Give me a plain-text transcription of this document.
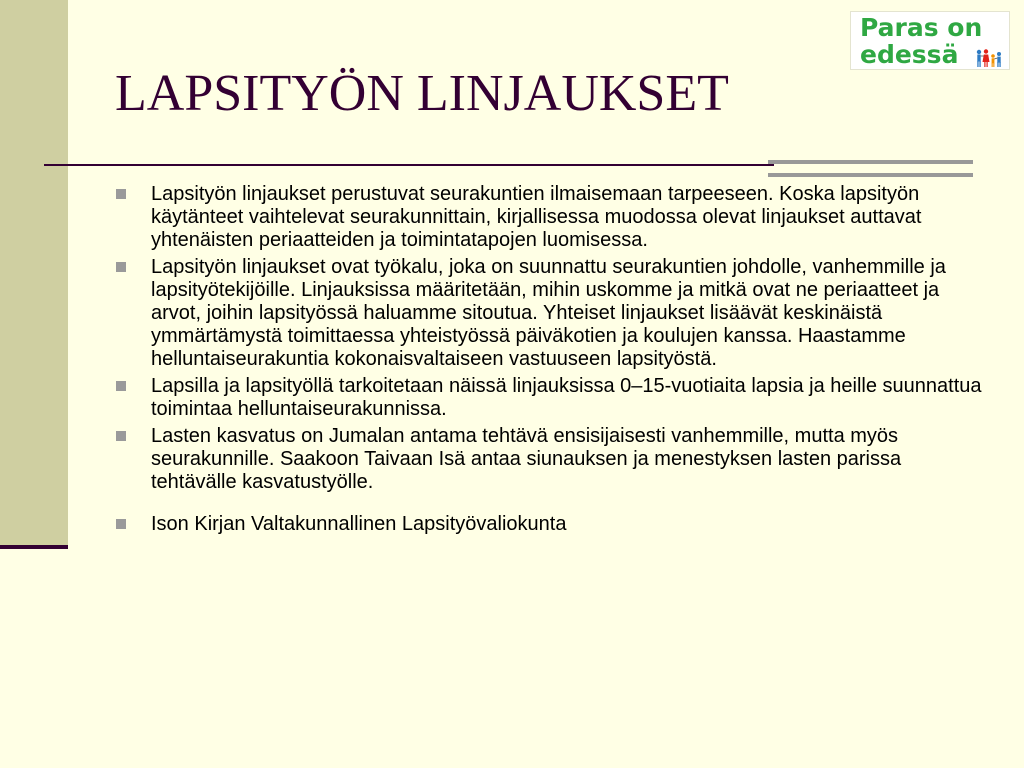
LAPSITYÖN LINJAUKSET
Paras on
edessä
Lapsityön linjaukset perustuvat seurakuntien ilmaisemaan tarpeeseen. Koska lapsityön käytänteet vaihtelevat seurakunnittain, kirjallisessa muodossa olevat linjaukset auttavat yhtenäisten periaatteiden ja toimintatapojen luomisessa.
Lapsityön linjaukset ovat työkalu, joka on suunnattu seurakuntien johdolle, vanhemmille ja lapsityötekijöille. Linjauksissa määritetään, mihin uskomme ja mitkä ovat ne periaatteet ja arvot, joihin lapsityössä haluamme sitoutua. Yhteiset linjaukset lisäävät keskinäistä ymmärtämystä toimittaessa yhteistyössä päiväkotien ja koulujen kanssa. Haastamme helluntaiseurakuntia kokonaisvaltaiseen vastuuseen lapsityöstä.
Lapsilla ja lapsityöllä tarkoitetaan näissä linjauksissa 0–15-vuotiaita lapsia ja heille suunnattua toimintaa helluntaiseurakunnissa.
Lasten kasvatus on Jumalan antama tehtävä ensisijaisesti vanhemmille, mutta myös seurakunnille. Saakoon Taivaan Isä antaa siunauksen ja menestyksen lasten parissa tehtävälle kasvatustyölle.
Ison Kirjan Valtakunnallinen Lapsityövaliokunta
